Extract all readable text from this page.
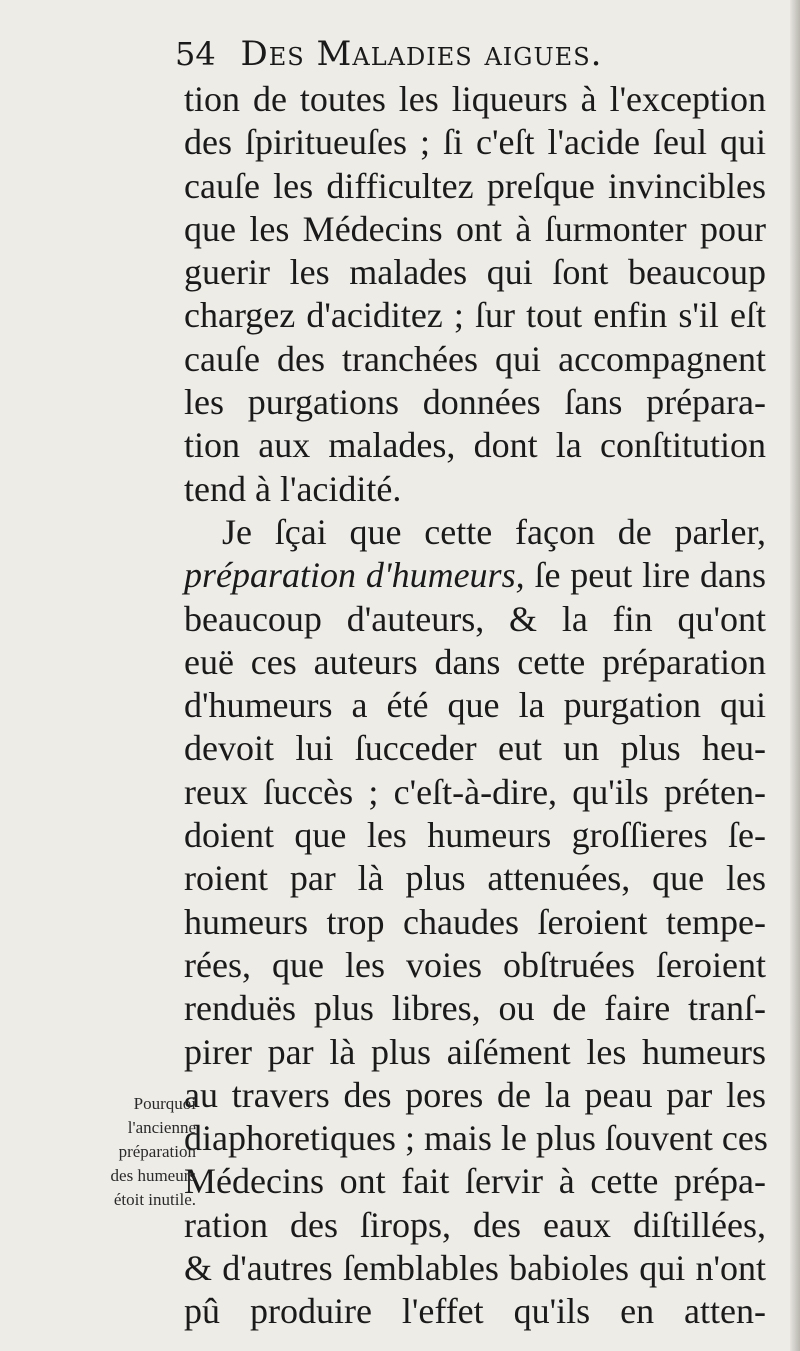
54 Des Maladies aigues.
tion de toutes les liqueurs à l'exception
des ſpiritueuſes ; ſi c'eſt l'acide ſeul qui
cauſe les difficultez preſque invincibles
que les Médecins ont à ſurmonter pour
guerir les malades qui ſont beaucoup
chargez d'aciditez ; ſur tout enfin s'il eſt
cauſe des tranchées qui accompagnent
les purgations données ſans prépara-
tion aux malades, dont la conſtitution
tend à l'acidité.
Je ſçai que cette façon de parler,
préparation d'humeurs, ſe peut lire dans
beaucoup d'auteurs, & la fin qu'ont
euë ces auteurs dans cette préparation
d'humeurs a été que la purgation qui
devoit lui ſucceder eut un plus heu-
reux ſuccès ; c'eſt-à-dire, qu'ils préten-
doient que les humeurs groſſieres ſe-
roient par là plus attenuées, que les
humeurs trop chaudes ſeroient tempe-
rées, que les voies obſtruées ſeroient
renduës plus libres, ou de faire tranſ-
pirer par là plus aiſément les humeurs
au travers des pores de la peau par les
diaphoretiques ; mais le plus ſouvent ces
Médecins ont fait ſervir à cette prépa-
ration des ſirops, des eaux diſtillées,
& d'autres ſemblables babioles qui n'ont
pû produire l'effet qu'ils en atten-
Pourquoi
l'ancienne
préparation
des humeurs
étoit inutile.
